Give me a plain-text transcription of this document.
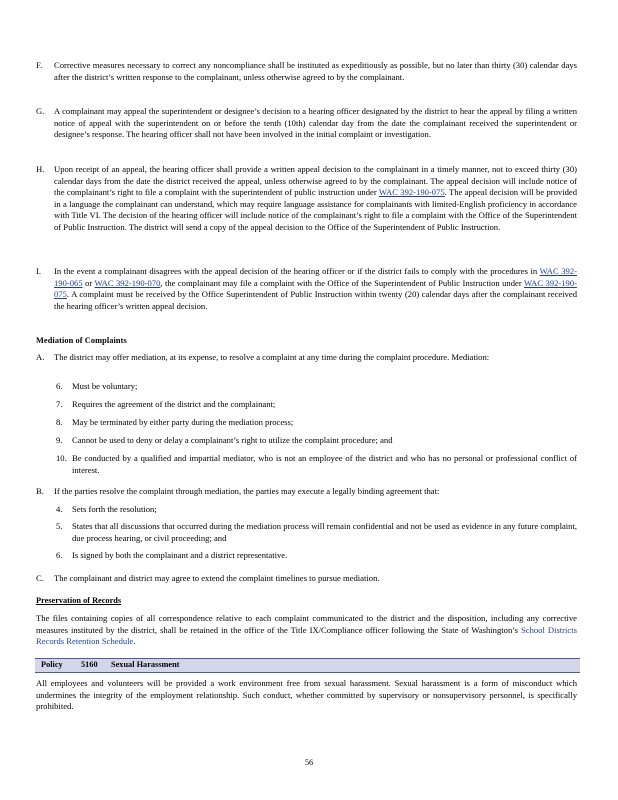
F. Corrective measures necessary to correct any noncompliance shall be instituted as expeditiously as possible, but no later than thirty (30) calendar days after the district’s written response to the complainant, unless otherwise agreed to by the complainant.
G. A complainant may appeal the superintendent or designee’s decision to a hearing officer designated by the district to hear the appeal by filing a written notice of appeal with the superintendent on or before the tenth (10th) calendar day from the date the complainant received the superintendent or designee’s response. The hearing officer shall not have been involved in the initial complaint or investigation.
H. Upon receipt of an appeal, the hearing officer shall provide a written appeal decision to the complainant in a timely manner, not to exceed thirty (30) calendar days from the date the district received the appeal, unless otherwise agreed to by the complainant. The appeal decision will include notice of the complainant’s right to file a complaint with the superintendent of public instruction under WAC 392-190-075. The appeal decision will be provided in a language the complainant can understand, which may require language assistance for complainants with limited-English proficiency in accordance with Title VI. The decision of the hearing officer will include notice of the complainant’s right to file a complaint with the Office of the Superintendent of Public Instruction. The district will send a copy of the appeal decision to the Office of the Superintendent of Public Instruction.
I. In the event a complainant disagrees with the appeal decision of the hearing officer or if the district fails to comply with the procedures in WAC 392-190-065 or WAC 392-190-070, the complainant may file a complaint with the Office of the Superintendent of Public Instruction under WAC 392-190-075. A complaint must be received by the Office Superintendent of Public Instruction within twenty (20) calendar days after the complainant received the hearing officer’s written appeal decision.
Mediation of Complaints
A. The district may offer mediation, at its expense, to resolve a complaint at any time during the complaint procedure. Mediation:
6. Must be voluntary;
7. Requires the agreement of the district and the complainant;
8. May be terminated by either party during the mediation process;
9. Cannot be used to deny or delay a complainant’s right to utilize the complaint procedure; and
10. Be conducted by a qualified and impartial mediator, who is not an employee of the district and who has no personal or professional conflict of interest.
B. If the parties resolve the complaint through mediation, the parties may execute a legally binding agreement that:
4. Sets forth the resolution;
5. States that all discussions that occurred during the mediation process will remain confidential and not be used as evidence in any future complaint, due process hearing, or civil proceeding; and
6. Is signed by both the complainant and a district representative.
C. The complainant and district may agree to extend the complaint timelines to pursue mediation.
Preservation of Records
The files containing copies of all correspondence relative to each complaint communicated to the district and the disposition, including any corrective measures instituted by the district, shall be retained in the office of the Title IX/Compliance officer following the State of Washington’s School Districts Records Retention Schedule.
Policy 5160 Sexual Harassment
All employees and volunteers will be provided a work environment free from sexual harassment. Sexual harassment is a form of misconduct which undermines the integrity of the employment relationship. Such conduct, whether committed by supervisory or nonsupervisory personnel, is specifically prohibited.
56
